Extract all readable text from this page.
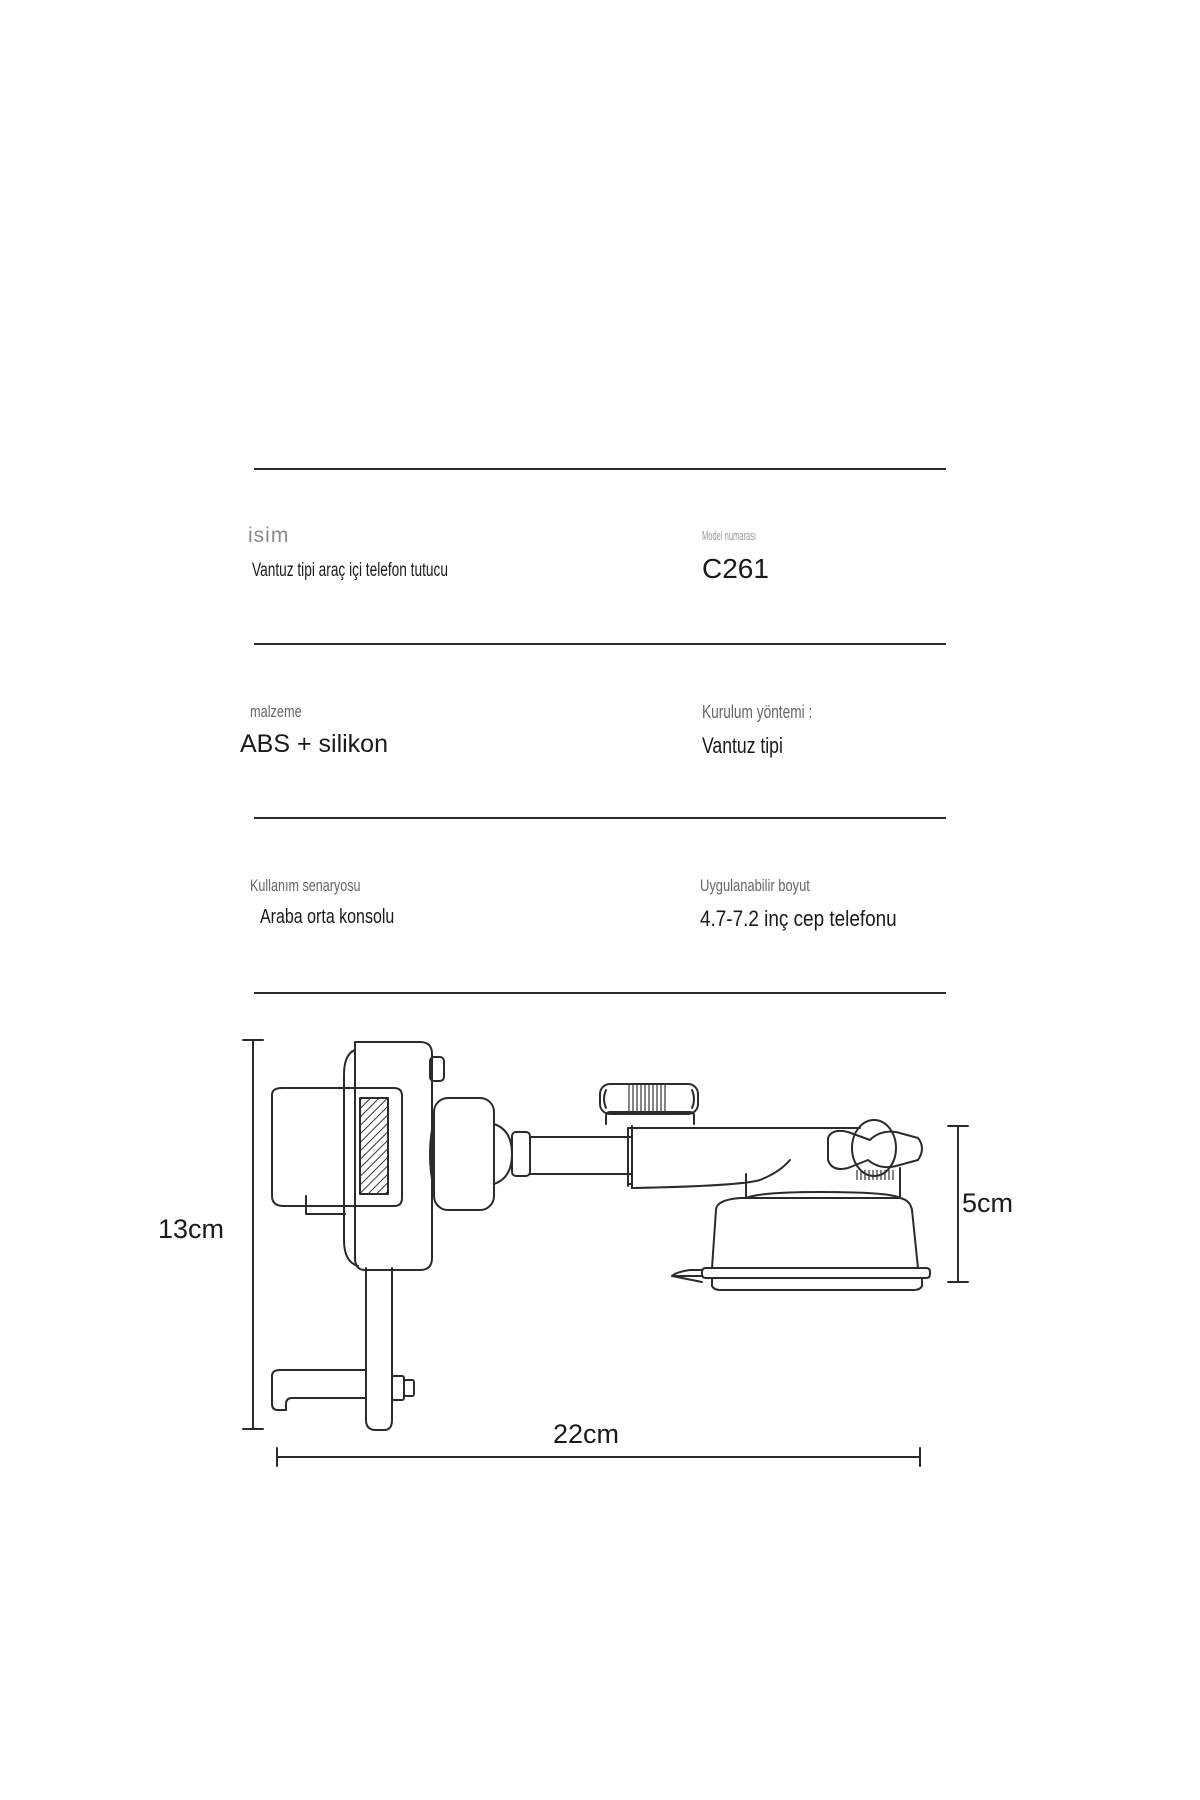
isim
Vantuz tipi araç içi telefon tutucu
Model numarası
C261
malzeme
ABS + silikon
Kurulum yöntemi :
Vantuz tipi
Kullanım senaryosu
Araba orta konsolu
Uygulanabilir boyut
4.7-7.2 inç cep telefonu
13cm
5cm
22cm
